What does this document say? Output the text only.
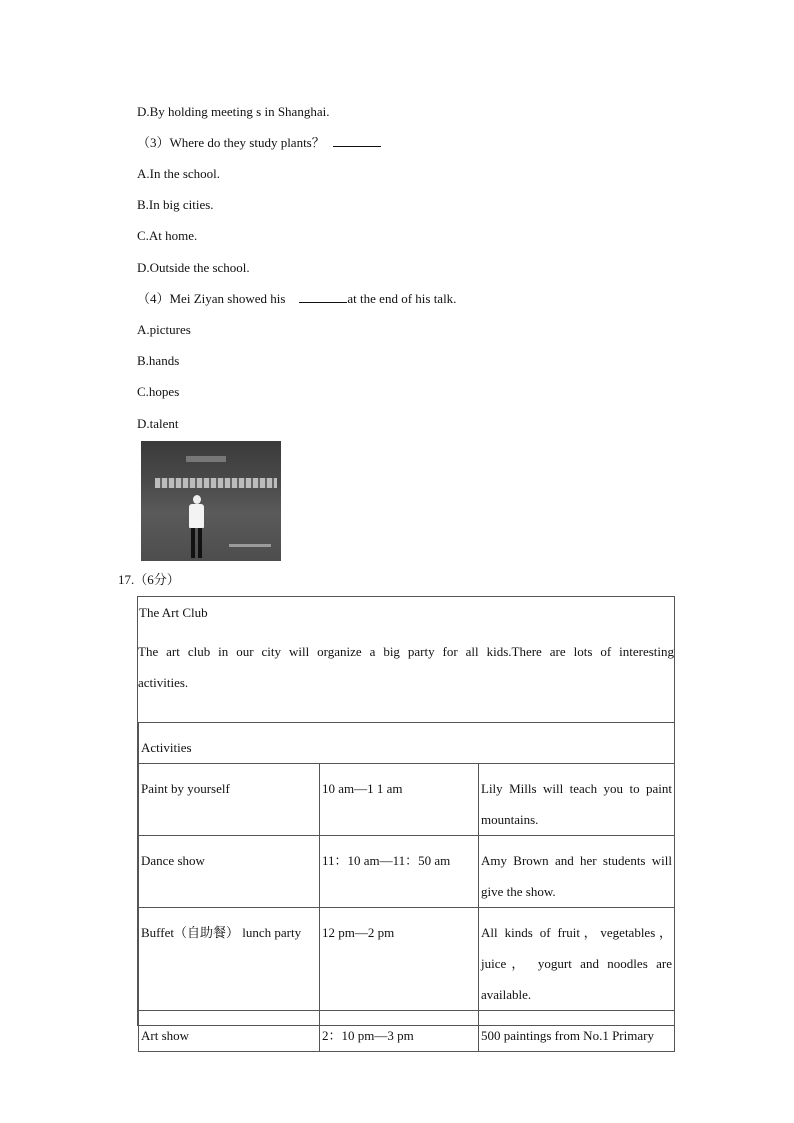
D.By holding meeting s in Shanghai.
（3）Where do they study plants？
A.In the school.
B.In big cities.
C.At home.
D.Outside the school.
（4）Mei Ziyan showed his	at the end of his talk.
A.pictures
B.hands
C.hopes
D.talent
17.（6分）
The Art Club
The art club in our city will organize a big party for all kids.There are lots of interesting
activities.
Activities		
Paint by yourself	10 am—1 1 am	Lily Mills will teach you to paint mountains.
Dance show	11：10 am—11：50 am	Amy Brown and her students will give the show.
Buffet（自助餐） lunch party	12 pm—2 pm	All kinds of fruit，vegetables，juice， yogurt and noodles are available.
Art show	2：10 pm—3 pm	500 paintings from No.1 Primary
